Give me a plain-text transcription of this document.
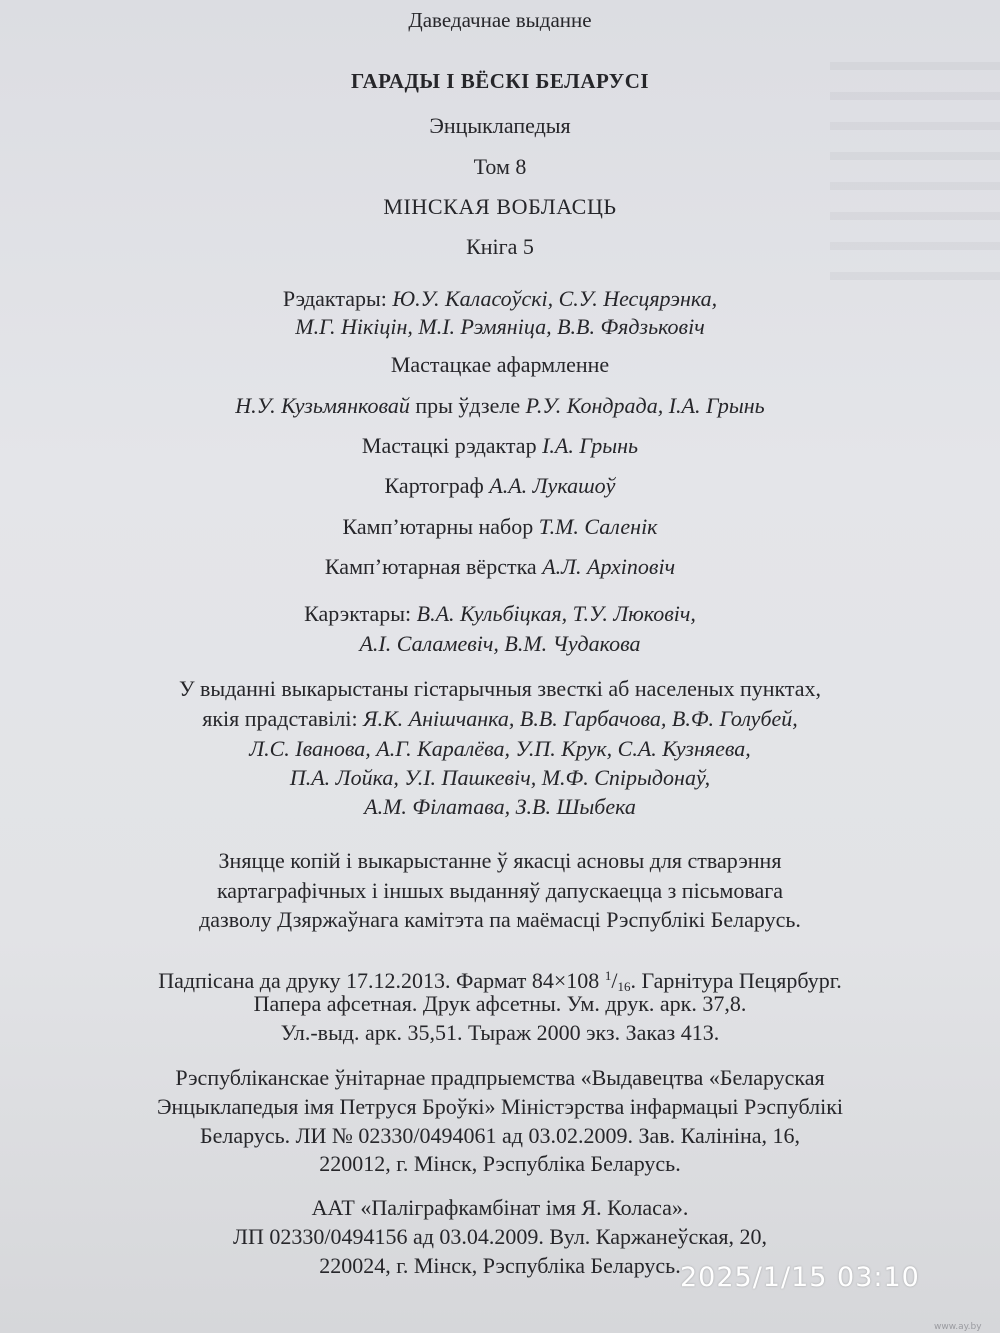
Даведачнае выданне
ГАРАДЫ І ВЁСКІ БЕЛАРУСІ
Энцыклапедыя
Том 8
МІНСКАЯ ВОБЛАСЦЬ
Кніга 5
Рэдактары: Ю.У. Каласоўскі, С.У. Несцярэнка,
М.Г. Нікіцін, М.І. Рэмяніца, В.В. Фядзьковіч
Мастацкае афармленне
Н.У. Кузьмянковай пры ўдзеле Р.У. Кондрада, І.А. Грынь
Мастацкі рэдактар І.А. Грынь
Картограф А.А. Лукашоў
Камп’ютарны набор Т.М. Саленік
Камп’ютарная вёрстка А.Л. Архіповіч
Карэктары: В.А. Кульбіцкая, Т.У. Люковіч,
А.І. Саламевіч, В.М. Чудакова
У выданні выкарыстаны гістарычныя звесткі аб населеных пунктах,
якія прадставілі: Я.К. Анішчанка, В.В. Гарбачова, В.Ф. Голубей,
Л.С. Іванова, А.Г. Каралёва, У.П. Крук, С.А. Кузняева,
П.А. Лойка, У.І. Пашкевіч, М.Ф. Спірыдонаў,
А.М. Філатава, З.В. Шыбека
Зняцце копій і выкарыстанне ў якасці асновы для стварэння
картаграфічных і іншых выданняў дапускаецца з пісьмовага
дазволу Дзяржаўнага камітэта па маёмасці Рэспублікі Беларусь.
Падпісана да друку 17.12.2013. Фармат 84×108 $^1/_{16}$. Гарнітура Пецярбург.
Папера афсетная. Друк афсетны. Ум. друк. арк. 37,8.
Ул.-выд. арк. 35,51. Тыраж 2000 экз. Заказ 413.
Рэспубліканскае ўнітарнае прадпрыемства «Выдавецтва «Беларуская
Энцыклапедыя імя Петруся Броўкі» Міністэрства інфармацыі Рэспублікі
Беларусь. ЛИ № 02330/0494061 ад 03.02.2009. Зав. Калініна, 16,
220012, г. Мінск, Рэспубліка Беларусь.
ААТ «Паліграфкамбінат імя Я. Коласа».
ЛП 02330/0494156 ад 03.04.2009. Вул. Каржанеўская, 20,
220024, г. Мінск, Рэспубліка Беларусь. 2025/1/15 03:10
www.ay.by
